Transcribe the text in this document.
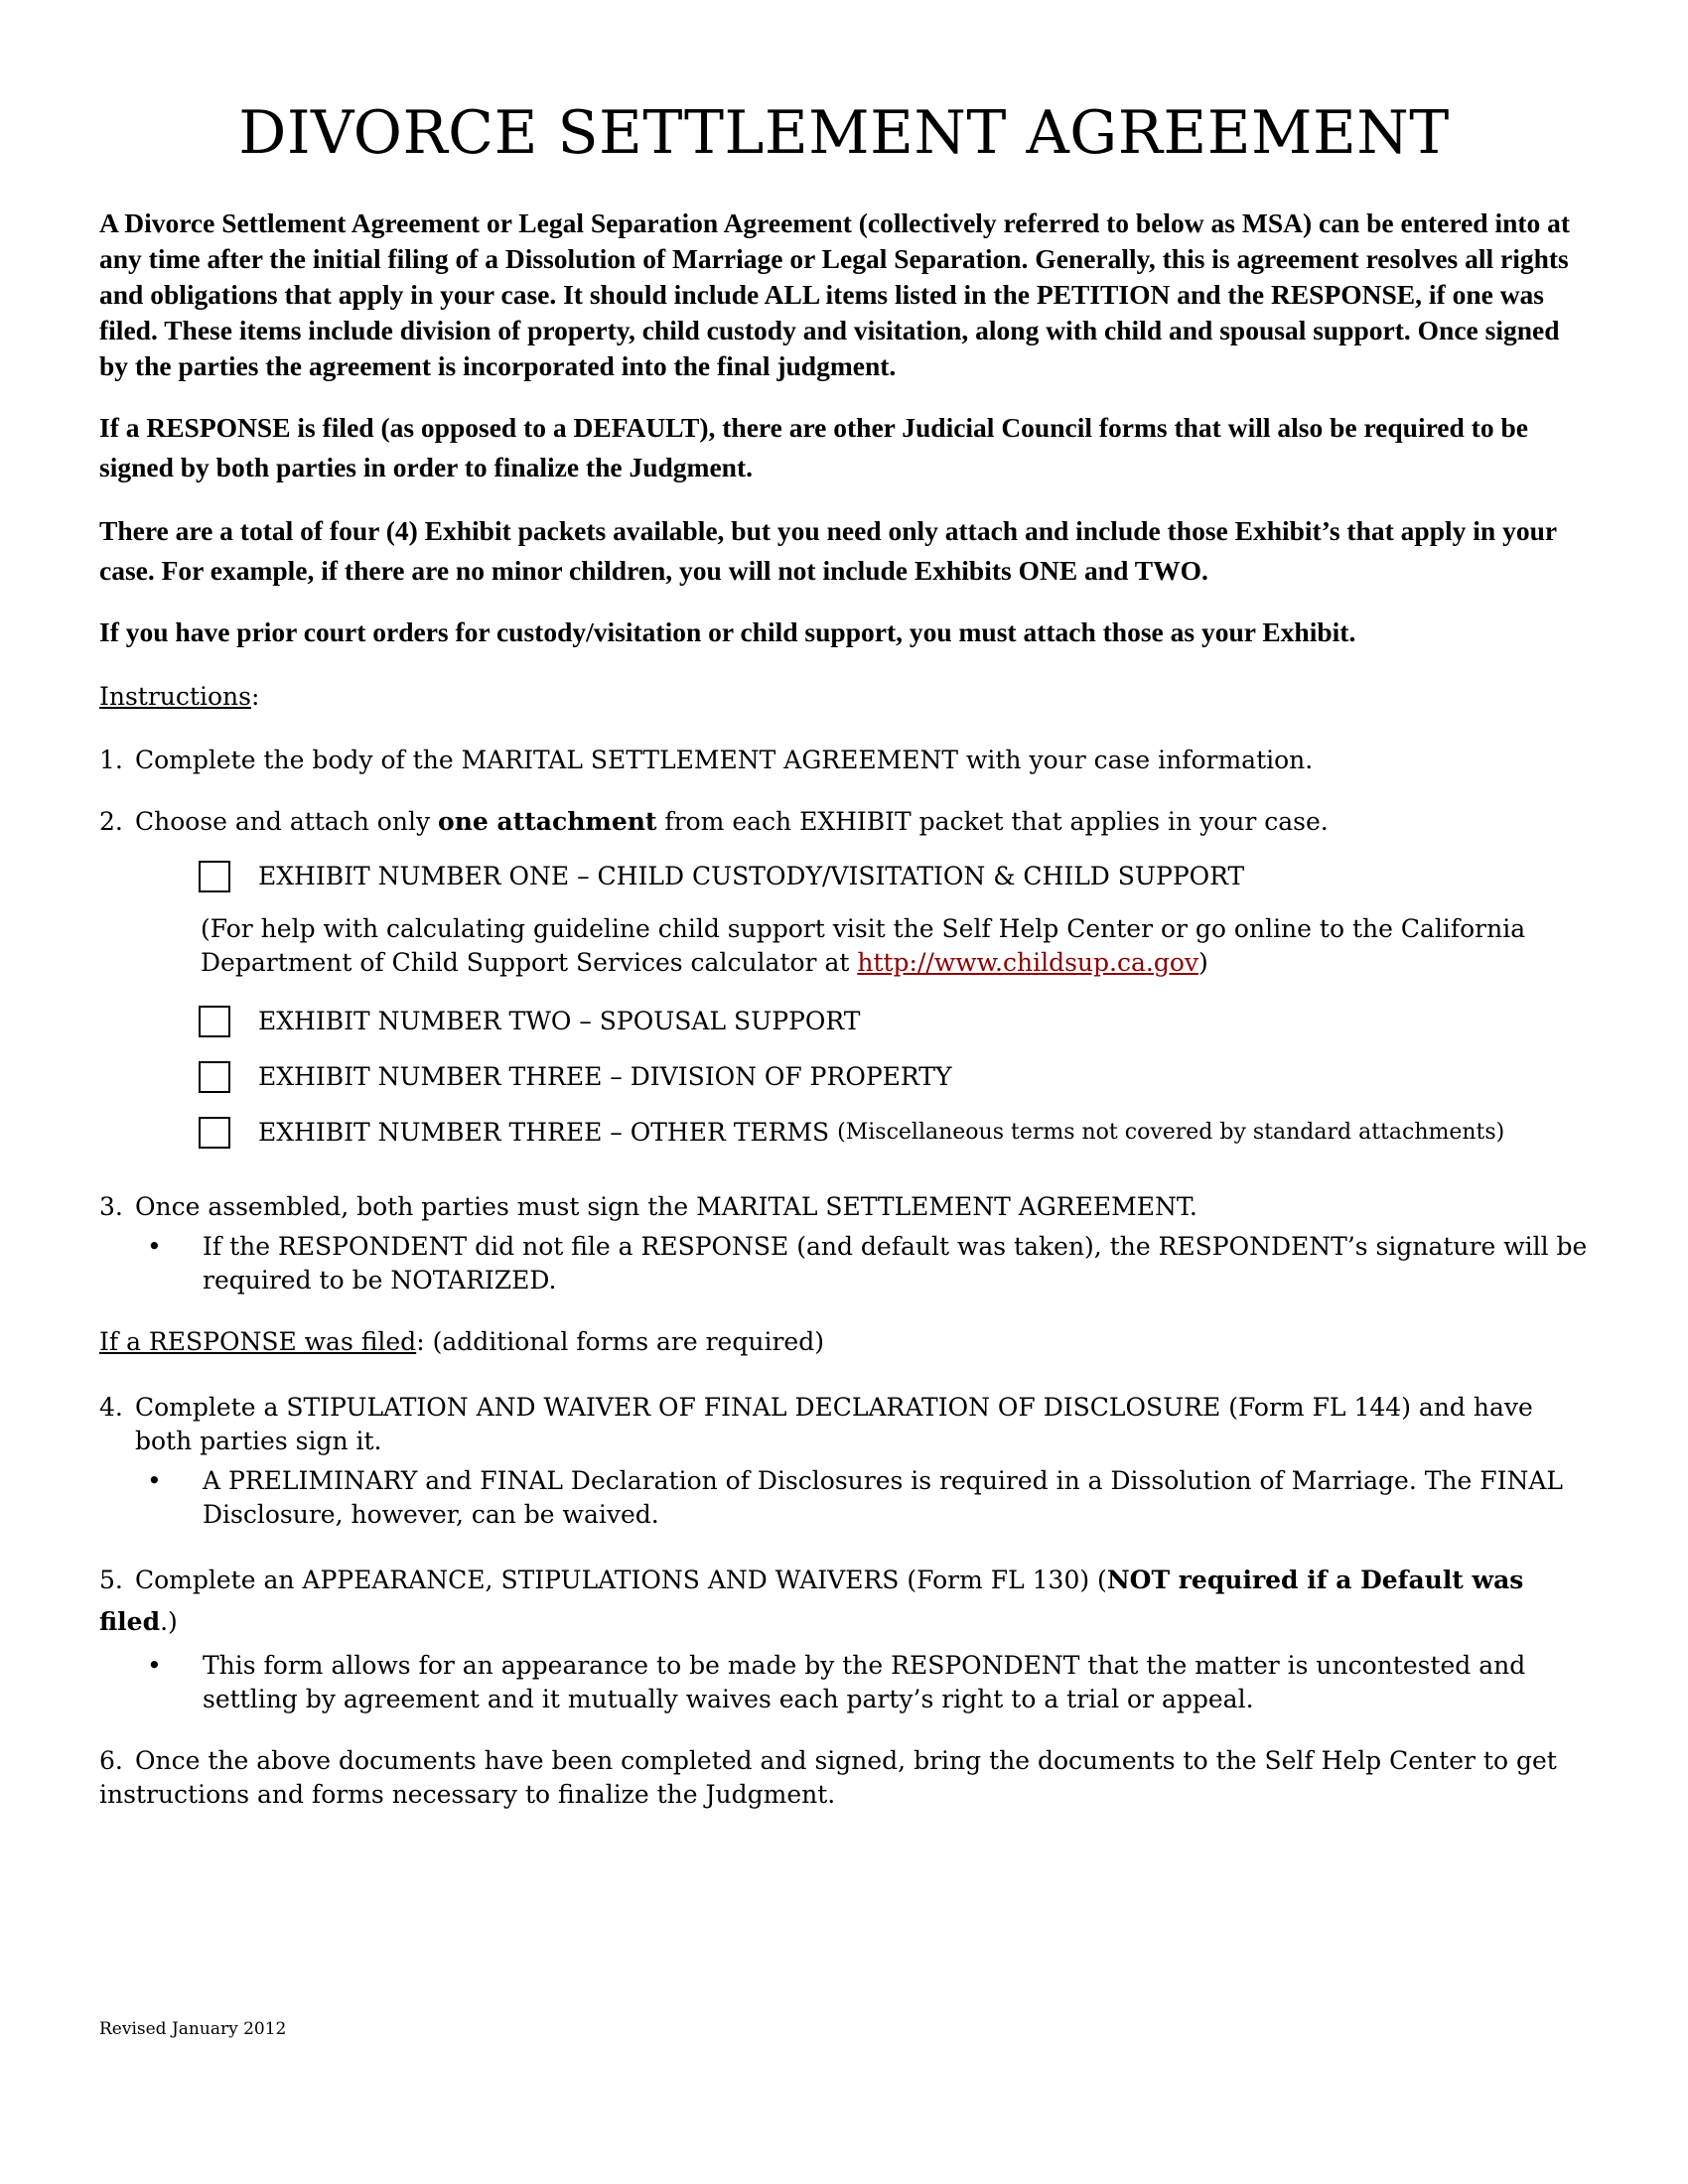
DIVORCE SETTLEMENT AGREEMENT

A Divorce Settlement Agreement or Legal Separation Agreement (collectively referred to below as MSA) can be entered into at any time after the initial filing of a Dissolution of Marriage or Legal Separation. Generally, this is agreement resolves all rights and obligations that apply in your case. It should include ALL items listed in the PETITION and the RESPONSE, if one was filed. These items include division of property, child custody and visitation, along with child and spousal support. Once signed by the parties the agreement is incorporated into the final judgment.

If a RESPONSE is filed (as opposed to a DEFAULT), there are other Judicial Council forms that will also be required to be signed by both parties in order to finalize the Judgment.

There are a total of four (4) Exhibit packets available, but you need only attach and include those Exhibit’s that apply in your case. For example, if there are no minor children, you will not include Exhibits ONE and TWO.

If you have prior court orders for custody/visitation or child support, you must attach those as your Exhibit.

Instructions:
1. Complete the body of the MARITAL SETTLEMENT AGREEMENT with your case information.
2. Choose and attach only one attachment from each EXHIBIT packet that applies in your case.
EXHIBIT NUMBER ONE – CHILD CUSTODY/VISITATION & CHILD SUPPORT
(For help with calculating guideline child support visit the Self Help Center or go online to the California Department of Child Support Services calculator at http://www.childsup.ca.gov)
EXHIBIT NUMBER TWO – SPOUSAL SUPPORT
EXHIBIT NUMBER THREE – DIVISION OF PROPERTY
EXHIBIT NUMBER THREE – OTHER TERMS
(Miscellaneous terms not covered by standard attachments)
3. Once assembled, both parties must sign the MARITAL SETTLEMENT AGREEMENT.
•	If the RESPONDENT did not file a RESPONSE (and default was taken), the RESPONDENT’s signature will be required to be NOTARIZED.
If a RESPONSE was filed: (additional forms are required)
4. Complete a STIPULATION AND WAIVER OF FINAL DECLARATION OF DISCLOSURE (Form FL 144) and have both parties sign it.
•	A PRELIMINARY and FINAL Declaration of Disclosures is required in a Dissolution of Marriage. The FINAL Disclosure, however, can be waived.
5. Complete an APPEARANCE, STIPULATIONS AND WAIVERS (Form FL 130) (NOT required if a Default was filed.)
•	This form allows for an appearance to be made by the RESPONDENT that the matter is uncontested and settling by agreement and it mutually waives each party’s right to a trial or appeal.
6. Once the above documents have been completed and signed, bring the documents to the Self Help Center to get instructions and forms necessary to finalize the Judgment.
Revised January 2012
